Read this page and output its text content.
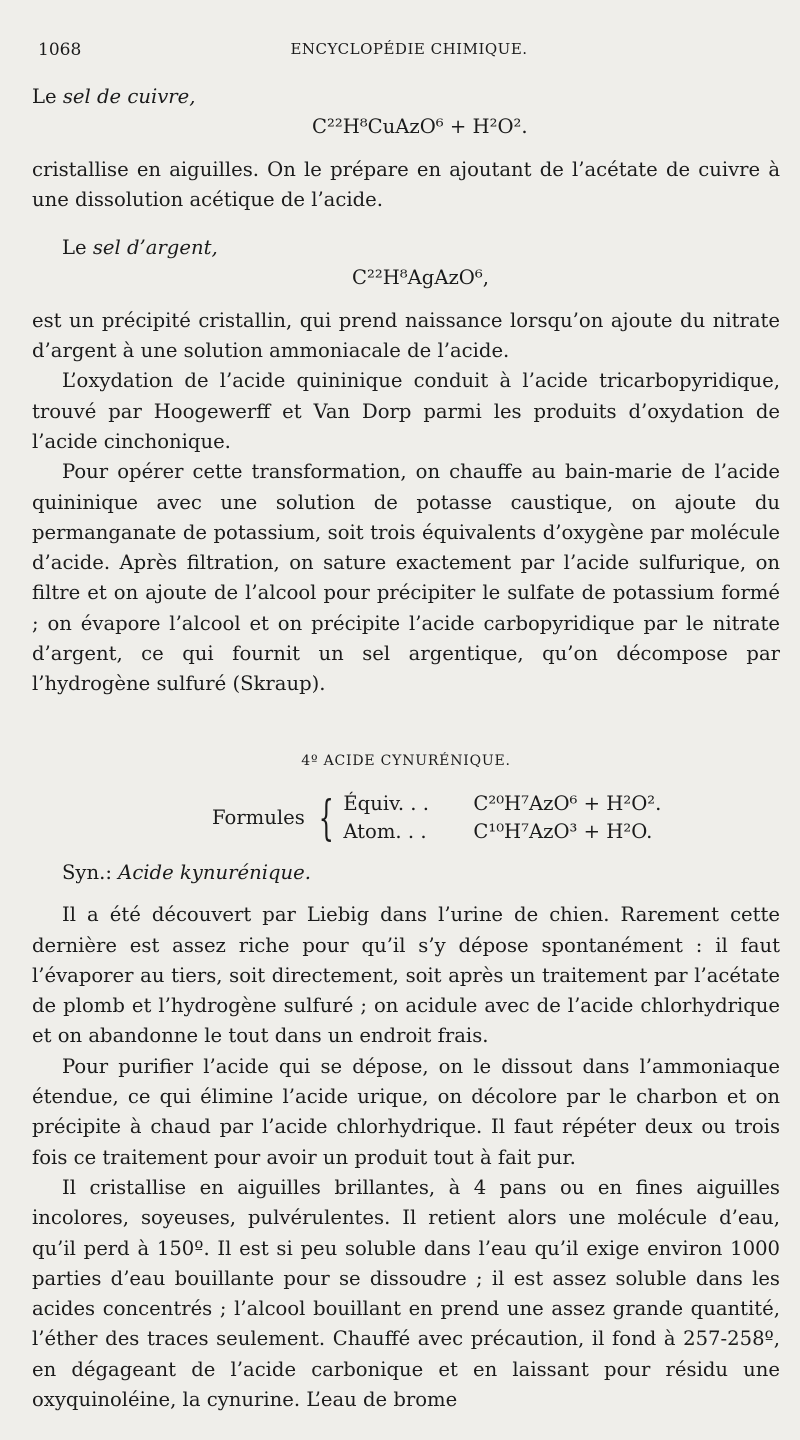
1068	ENCYCLOPÉDIE CHIMIQUE.

Le sel de cuivre,

C²²H⁸CuAzO⁶ + H²O².

cristallise en aiguilles. On le prépare en ajoutant de l’acétate de cuivre à une dissolution acétique de l’acide.

Le sel d’argent,

C²²H⁸AgAzO⁶,

est un précipité cristallin, qui prend naissance lorsqu’on ajoute du nitrate d’argent à une solution ammoniacale de l’acide.

L’oxydation de l’acide quininique conduit à l’acide tricarbopyridique, trouvé par Hoogewerff et Van Dorp parmi les produits d’oxydation de l’acide cinchonique.

Pour opérer cette transformation, on chauffe au bain-marie de l’acide quininique avec une solution de potasse caustique, on ajoute du permanganate de potassium, soit trois équivalents d’oxygène par molécule d’acide. Après filtration, on sature exactement par l’acide sulfurique, on filtre et on ajoute de l’alcool pour précipiter le sulfate de potassium formé ; on évapore l’alcool et on précipite l’acide carbopyridique par le nitrate d’argent, ce qui fournit un sel argentique, qu’on décompose par l’hydrogène sulfuré (Skraup).

4º ACIDE CYNURÉNIQUE.
Formules { Équiv. . .	C²⁰H⁷AzO⁶ + H²O².
Atom. . .	C¹⁰H⁷AzO³ + H²O.

Syn.: Acide kynurénique.

Il a été découvert par Liebig dans l’urine de chien. Rarement cette dernière est assez riche pour qu’il s’y dépose spontanément : il faut l’évaporer au tiers, soit directement, soit après un traitement par l’acétate de plomb et l’hydrogène sulfuré ; on acidule avec de l’acide chlorhydrique et on abandonne le tout dans un endroit frais.

Pour purifier l’acide qui se dépose, on le dissout dans l’ammoniaque étendue, ce qui élimine l’acide urique, on décolore par le charbon et on précipite à chaud par l’acide chlorhydrique. Il faut répéter deux ou trois fois ce traitement pour avoir un produit tout à fait pur.

Il cristallise en aiguilles brillantes, à 4 pans ou en fines aiguilles incolores, soyeuses, pulvérulentes. Il retient alors une molécule d’eau, qu’il perd à 150º. Il est si peu soluble dans l’eau qu’il exige environ 1000 parties d’eau bouillante pour se dissoudre ; il est assez soluble dans les acides concentrés ; l’alcool bouillant en prend une assez grande quantité, l’éther des traces seulement. Chauffé avec précaution, il fond à 257-258º, en dégageant de l’acide carbonique et en laissant pour résidu une oxyquinoléine, la cynurine. L’eau de brome
